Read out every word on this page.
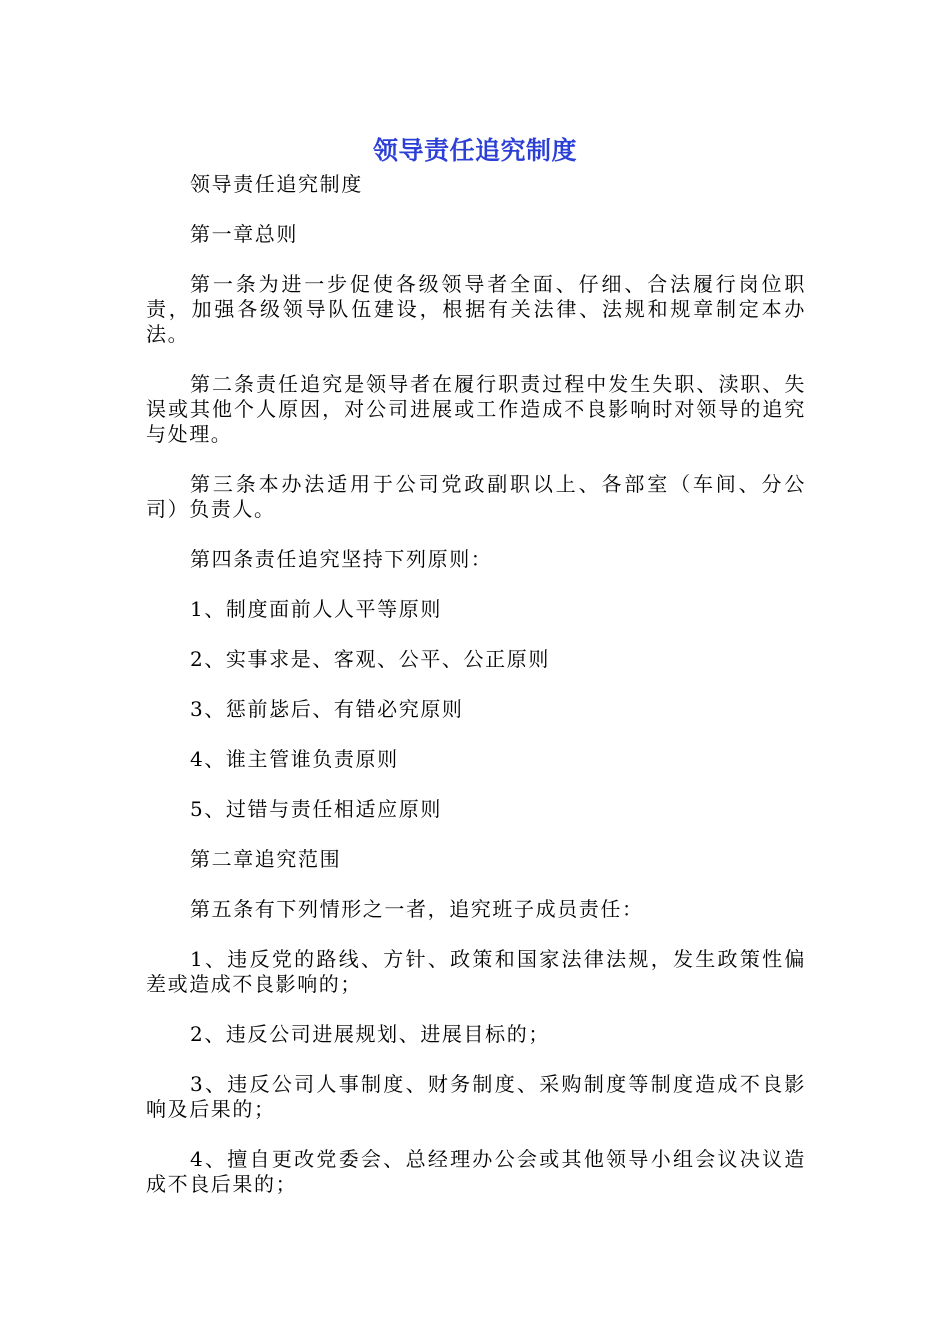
领导责任追究制度

领导责任追究制度

第一章总则

第一条为进一步促使各级领导者全面、仔细、合法履行岗位职责，加强各级领导队伍建设，根据有关法律、法规和规章制定本办法。

第二条责任追究是领导者在履行职责过程中发生失职、渎职、失误或其他个人原因，对公司进展或工作造成不良影响时对领导的追究与处理。

第三条本办法适用于公司党政副职以上、各部室（车间、分公司）负责人。

第四条责任追究坚持下列原则：

1、制度面前人人平等原则

2、实事求是、客观、公平、公正原则

3、惩前毖后、有错必究原则

4、谁主管谁负责原则

5、过错与责任相适应原则

第二章追究范围

第五条有下列情形之一者，追究班子成员责任：

1、违反党的路线、方针、政策和国家法律法规，发生政策性偏差或造成不良影响的；

2、违反公司进展规划、进展目标的；

3、违反公司人事制度、财务制度、采购制度等制度造成不良影响及后果的；

4、擅自更改党委会、总经理办公会或其他领导小组会议决议造成不良后果的；
